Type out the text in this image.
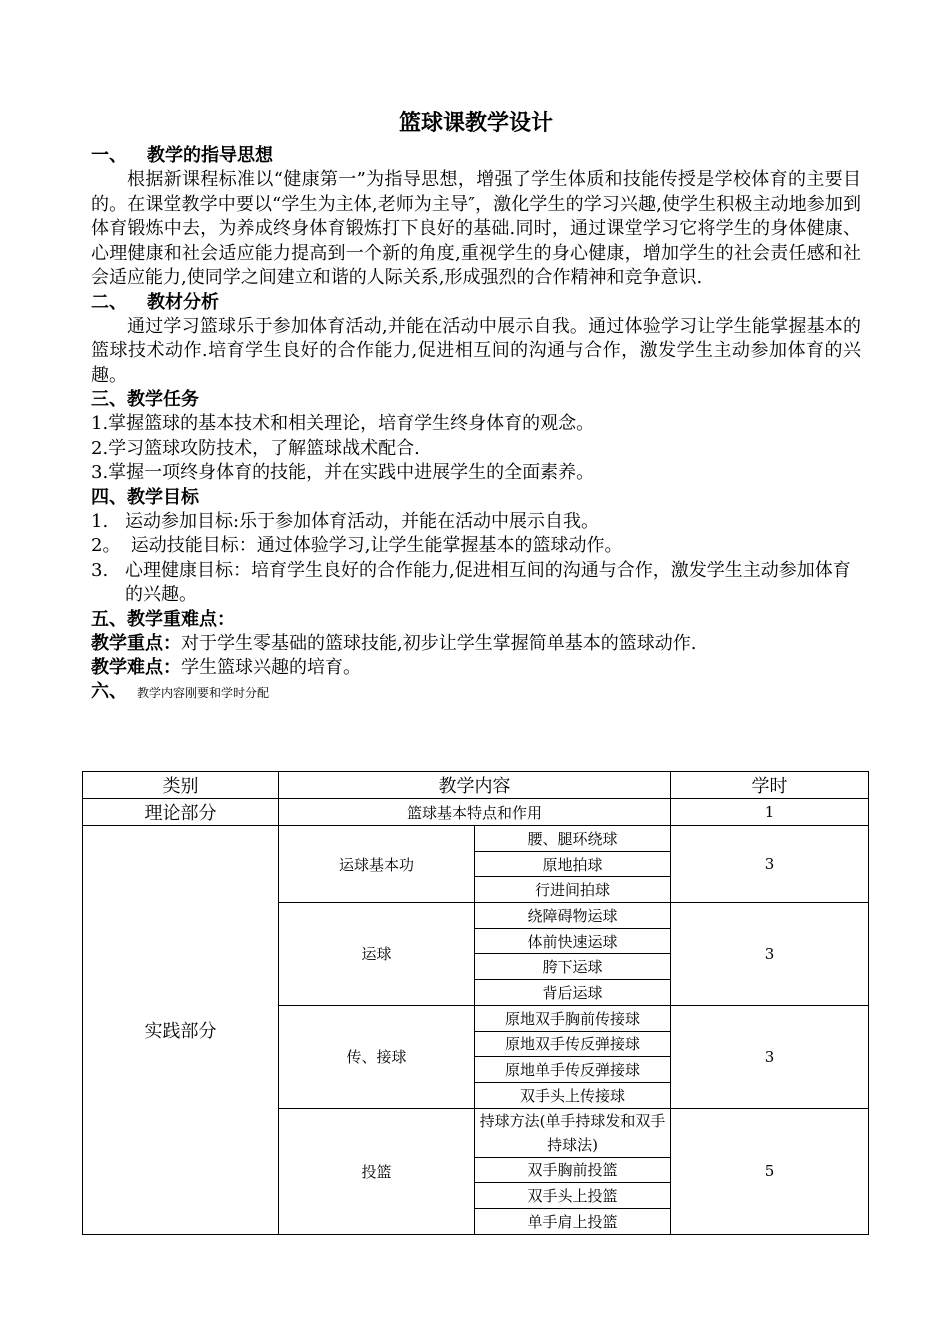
篮球课教学设计
一、 教学的指导思想

根据新课程标准以“健康第一”为指导思想，增强了学生体质和技能传授是学校体育的主要目的。在课堂教学中要以“学生为主体,老师为主导″，激化学生的学习兴趣,使学生积极主动地参加到体育锻炼中去，为养成终身体育锻炼打下良好的基础.同时，通过课堂学习它将学生的身体健康、心理健康和社会适应能力提高到一个新的角度,重视学生的身心健康，增加学生的社会责任感和社会适应能力,使同学之间建立和谐的人际关系,形成强烈的合作精神和竞争意识.

二、 教材分析

通过学习篮球乐于参加体育活动,并能在活动中展示自我。通过体验学习让学生能掌握基本的篮球技术动作.培育学生良好的合作能力,促进相互间的沟通与合作，激发学生主动参加体育的兴趣。

三、教学任务

1.掌握篮球的基本技术和相关理论，培育学生终身体育的观念。

2.学习篮球攻防技术，了解篮球战术配合.

3.掌握一项终身体育的技能，并在实践中进展学生的全面素养。

四、教学目标

1. 运动参加目标:乐于参加体育活动，并能在活动中展示自我。

2。 运动技能目标：通过体验学习,让学生能掌握基本的篮球动作。

3. 心理健康目标：培育学生良好的合作能力,促进相互间的沟通与合作，激发学生主动参加体育的兴趣。

五、教学重难点：

教学重点：对于学生零基础的篮球技能,初步让学生掌握简单基本的篮球动作.

教学难点：学生篮球兴趣的培育。

六、 教学内容刚要和学时分配

类别	教学内容		学时
理论部分	篮球基本特点和作用		1
实践部分	运球基本功	腰、腿环绕球	3
		原地拍球	
		行进间拍球	
	运球	绕障碍物运球	3
		体前快速运球	
		胯下运球	
		背后运球	
	传、接球	原地双手胸前传接球	3
		原地双手传反弹接球	
		原地单手传反弹接球	
		双手头上传接球	
	投篮	持球方法(单手持球发和双手持球法)	5

		双手胸前投篮	
		双手头上投篮	
		单手肩上投篮	
